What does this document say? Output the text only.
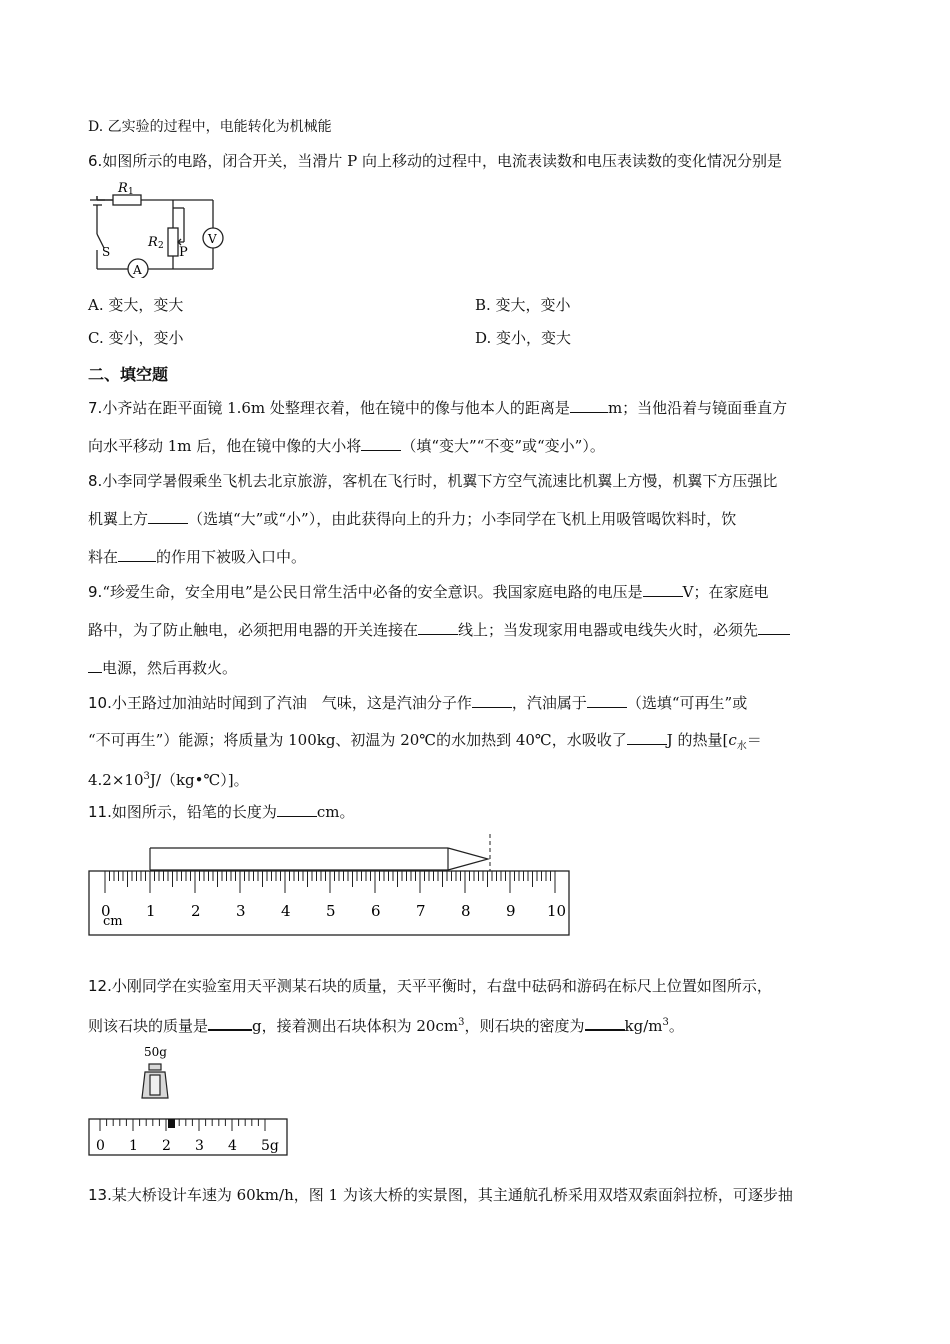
D. 乙实验的过程中，电能转化为机械能
6.如图所示的电路，闭合开关，当滑片 P 向上移动的过程中，电流表读数和电压表读数的变化情况分别是
R 1
R 2 P
S
A
V
A. 变大，变大	B. 变大，变小
C. 变小，变小	D. 变小，变大
二、填空题
7.小齐站在距平面镜 1.6m 处整理衣着，他在镜中的像与他本人的距离是	m；当他沿着与镜面垂直方
向水平移动 1m 后，他在镜中像的大小将	（填“变大”“不变”或“变小”）。
8.小李同学暑假乘坐飞机去北京旅游，客机在飞行时，机翼下方空气流速比机翼上方慢，机翼下方压强比
机翼上方	（选填“大”或“小”），由此获得向上的升力；小李同学在飞机上用吸管喝饮料时，饮
料在	的作用下被吸入口中。
9.“珍爱生命，安全用电”是公民日常生活中必备的安全意识。我国家庭电路的电压是	V；在家庭电
路中，为了防止触电，必须把用电器的开关连接在	线上；当发现家用电器或电线失火时，必须先
电源，然后再救火。
10.小王路过加油站时闻到了汽油　气味，这是汽油分子作	，汽油属于	（选填“可再生”或
“不可再生”）能源；将质量为 100kg、初温为 20℃的水加热到 40℃，水吸收了	J 的热量[$c_水=$
$4.2\times 10^3J/(kg•℃)$]。
11.如图所示，铅笔的长度为	cm。
0 1 2 3 4 5 6 7 8 9 10
cm
12.小刚同学在实验室用天平测某石块的质量，天平平衡时，右盘中砝码和游码在标尺上位置如图所示，
则该石块的质量是	g，接着测出石块体积为 $20cm^3$，则石块的密度为	$kg/m^3$。
50g
0 1 2 3 4 5g
13.某大桥设计车速为 60km/h，图 1 为该大桥的实景图，其主通航孔桥采用双塔双索面斜拉桥，可逐步抽
